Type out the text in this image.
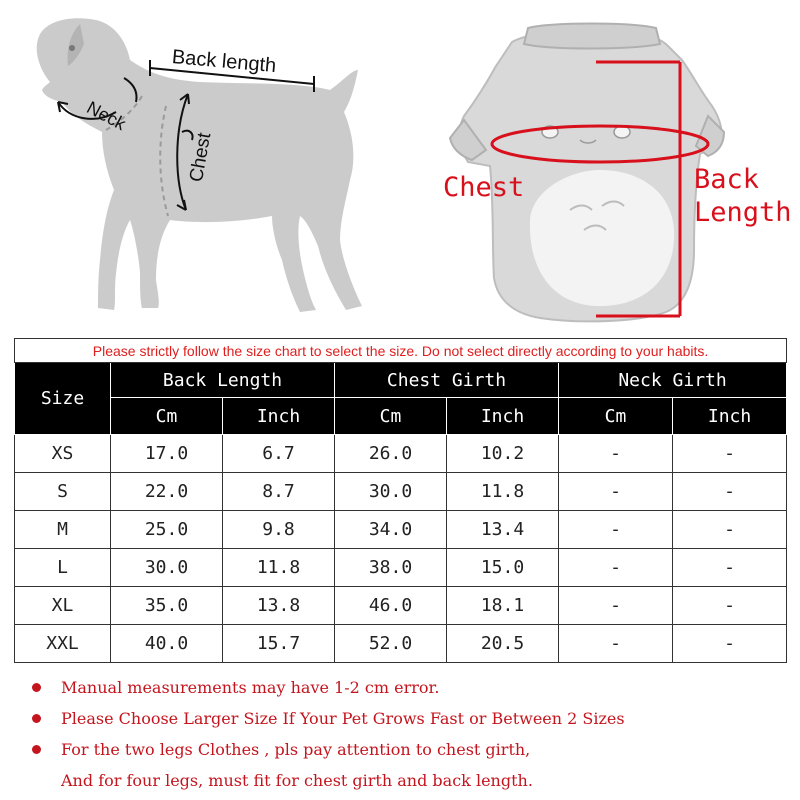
Back length
Neck
Chest
Chest	Back
Length
Please strictly follow the size chart to select the size. Do not select directly according to your habits.						
Size	Back Length		Chest Girth		Neck Girth	
	Cm	Inch	Cm	Inch	Cm	Inch
XS	17.0	6.7	26.0	10.2	-	-
S	22.0	8.7	30.0	11.8	-	-
M	25.0	9.8	34.0	13.4	-	-
L	30.0	11.8	38.0	15.0	-	-
XL	35.0	13.8	46.0	18.1	-	-
XXL	40.0	15.7	52.0	20.5	-	-
Manual measurements may have 1-2 cm error.
Please Choose Larger Size If Your Pet Grows Fast or Between 2 Sizes
For the two legs Clothes , pls pay attention to chest girth,
And for four legs, must fit for chest girth and back length.
